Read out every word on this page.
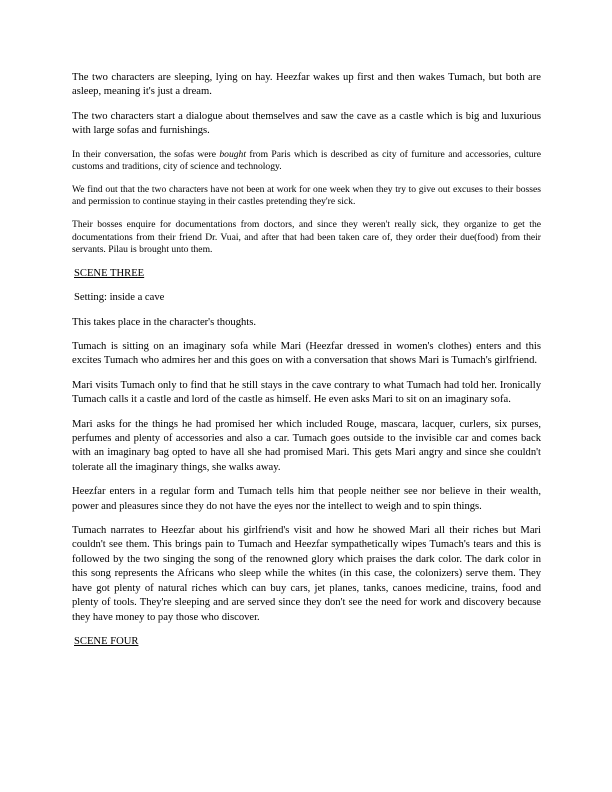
The two characters are sleeping, lying on hay. Heezfar wakes up first and then wakes Tumach, but both are asleep, meaning it's just a dream.

The two characters start a dialogue about themselves and saw the cave as a castle which is big and luxurious with large sofas and furnishings.

In their conversation, the sofas were bought from Paris which is described as city of furniture and accessories, culture customs and traditions, city of science and technology.

We find out that the two characters have not been at work for one week when they try to give out excuses to their bosses and permission to continue staying in their castles pretending they're sick.

Their bosses enquire for documentations from doctors, and since they weren't really sick, they organize to get the documentations from their friend Dr. Vuai, and after that had been taken care of, they order their due(food) from their servants. Pilau is brought unto them.

SCENE THREE

Setting: inside a cave

This takes place in the character's thoughts.

Tumach is sitting on an imaginary sofa while Mari (Heezfar dressed in women's clothes) enters and this excites Tumach who admires her and this goes on with a conversation that shows Mari is Tumach's girlfriend.

Mari visits Tumach only to find that he still stays in the cave contrary to what Tumach had told her. Ironically Tumach calls it a castle and lord of the castle as himself. He even asks Mari to sit on an imaginary sofa.

Mari asks for the things he had promised her which included Rouge, mascara, lacquer, curlers, six purses, perfumes and plenty of accessories and also a car. Tumach goes outside to the invisible car and comes back with an imaginary bag opted to have all she had promised Mari. This gets Mari angry and since she couldn't tolerate all the imaginary things, she walks away.

Heezfar enters in a regular form and Tumach tells him that people neither see nor believe in their wealth, power and pleasures since they do not have the eyes nor the intellect to weigh and to spin things.

Tumach narrates to Heezfar about his girlfriend's visit and how he showed Mari all their riches but Mari couldn't see them. This brings pain to Tumach and Heezfar sympathetically wipes Tumach's tears and this is followed by the two singing the song of the renowned glory which praises the dark color. The dark color in this song represents the Africans who sleep while the whites (in this case, the colonizers) serve them. They have got plenty of natural riches which can buy cars, jet planes, tanks, canoes medicine, trains, food and plenty of tools. They're sleeping and are served since they don't see the need for work and discovery because they have money to pay those who discover.

SCENE FOUR
